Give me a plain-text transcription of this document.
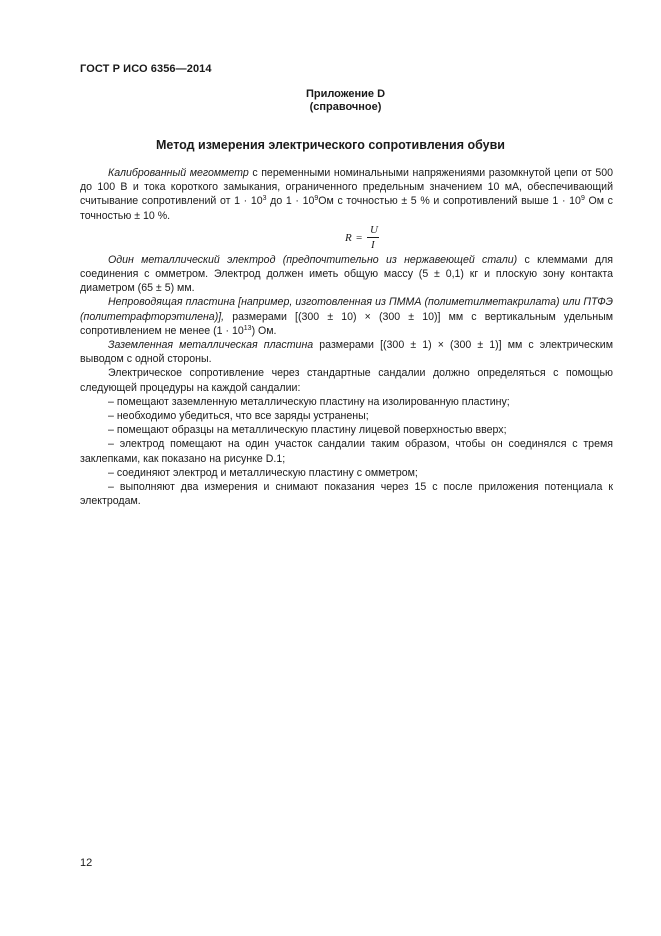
ГОСТ Р ИСО 6356—2014
Приложение D
(справочное)
Метод измерения электрического сопротивления обуви

Калиброванный мегомметр с переменными номинальными напряжениями разомкнутой цепи от 500 до 100 В и тока короткого замыкания, ограниченного предельным значением 10 мА, обеспечивающий считывание сопротивлений от $1 \cdot 10^3$ до $1 \cdot 10^9Ом$ с точностью ± 5 % и сопротивлений выше $1 \cdot 10^9$ Ом с точностью ± 10 %.

R =
U
I

Один металлический электрод (предпочтительно из нержавеющей стали) с клеммами для соединения с омметром. Электрод должен иметь общую массу (5 ± 0,1) кг и плоскую зону контакта диаметром (65 ± 5) мм.

Непроводящая пластина [например, изготовленная из ПММА (полиметилметакрилата) или ПТФЭ (политетрафторэтилена)], размерами [(300 ± 10) × (300 ± 10)] мм с вертикальным удельным сопротивлением не менее $(1 \cdot 10^{13})$ Ом.

Заземленная металлическая пластина размерами [(300 ± 1) × (300 ± 1)] мм с электрическим выводом с одной стороны.

Электрическое сопротивление через стандартные сандалии должно определяться с помощью следующей процедуры на каждой сандалии:

– помещают заземленную металлическую пластину на изолированную пластину;

– необходимо убедиться, что все заряды устранены;

– помещают образцы на металлическую пластину лицевой поверхностью вверх;

– электрод помещают на один участок сандалии таким образом, чтобы он соединялся с тремя заклепками, как показано на рисунке D.1;

– соединяют электрод и металлическую пластину с омметром;

– выполняют два измерения и снимают показания через 15 с после приложения потенциала к электродам.

12
